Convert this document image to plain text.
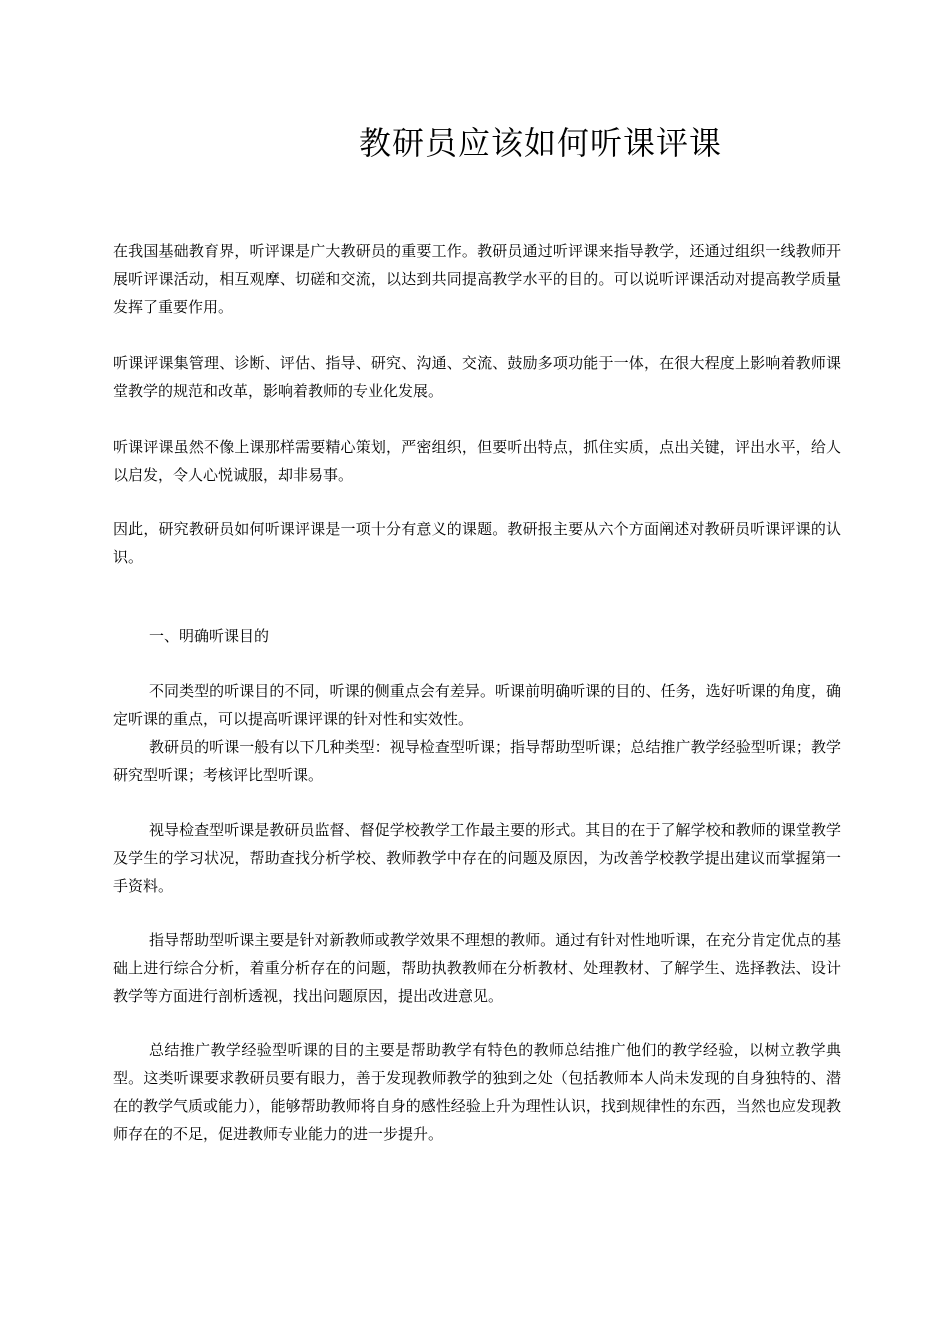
教研员应该如何听课评课

在我国基础教育界，听评课是广大教研员的重要工作。教研员通过听评课来指导教学，还通过组织一线教师开展听评课活动，相互观摩、切磋和交流，以达到共同提高教学水平的目的。可以说听评课活动对提高教学质量发挥了重要作用。

听课评课集管理、诊断、评估、指导、研究、沟通、交流、鼓励多项功能于一体，在很大程度上影响着教师课堂教学的规范和改革，影响着教师的专业化发展。

听课评课虽然不像上课那样需要精心策划，严密组织，但要听出特点，抓住实质，点出关键，评出水平，给人以启发，令人心悦诚服，却非易事。

因此，研究教研员如何听课评课是一项十分有意义的课题。教研报主要从六个方面阐述对教研员听课评课的认识。

一、明确听课目的

不同类型的听课目的不同，听课的侧重点会有差异。听课前明确听课的目的、任务，选好听课的角度，确定听课的重点，可以提高听课评课的针对性和实效性。

教研员的听课一般有以下几种类型：视导检查型听课；指导帮助型听课；总结推广教学经验型听课；教学研究型听课；考核评比型听课。

视导检查型听课是教研员监督、督促学校教学工作最主要的形式。其目的在于了解学校和教师的课堂教学及学生的学习状况，帮助查找分析学校、教师教学中存在的问题及原因，为改善学校教学提出建议而掌握第一手资料。

指导帮助型听课主要是针对新教师或教学效果不理想的教师。通过有针对性地听课，在充分肯定优点的基础上进行综合分析，着重分析存在的问题，帮助执教教师在分析教材、处理教材、了解学生、选择教法、设计教学等方面进行剖析透视，找出问题原因，提出改进意见。

总结推广教学经验型听课的目的主要是帮助教学有特色的教师总结推广他们的教学经验，以树立教学典型。这类听课要求教研员要有眼力，善于发现教师教学的独到之处（包括教师本人尚未发现的自身独特的、潜在的教学气质或能力），能够帮助教师将自身的感性经验上升为理性认识，找到规律性的东西，当然也应发现教师存在的不足，促进教师专业能力的进一步提升。
